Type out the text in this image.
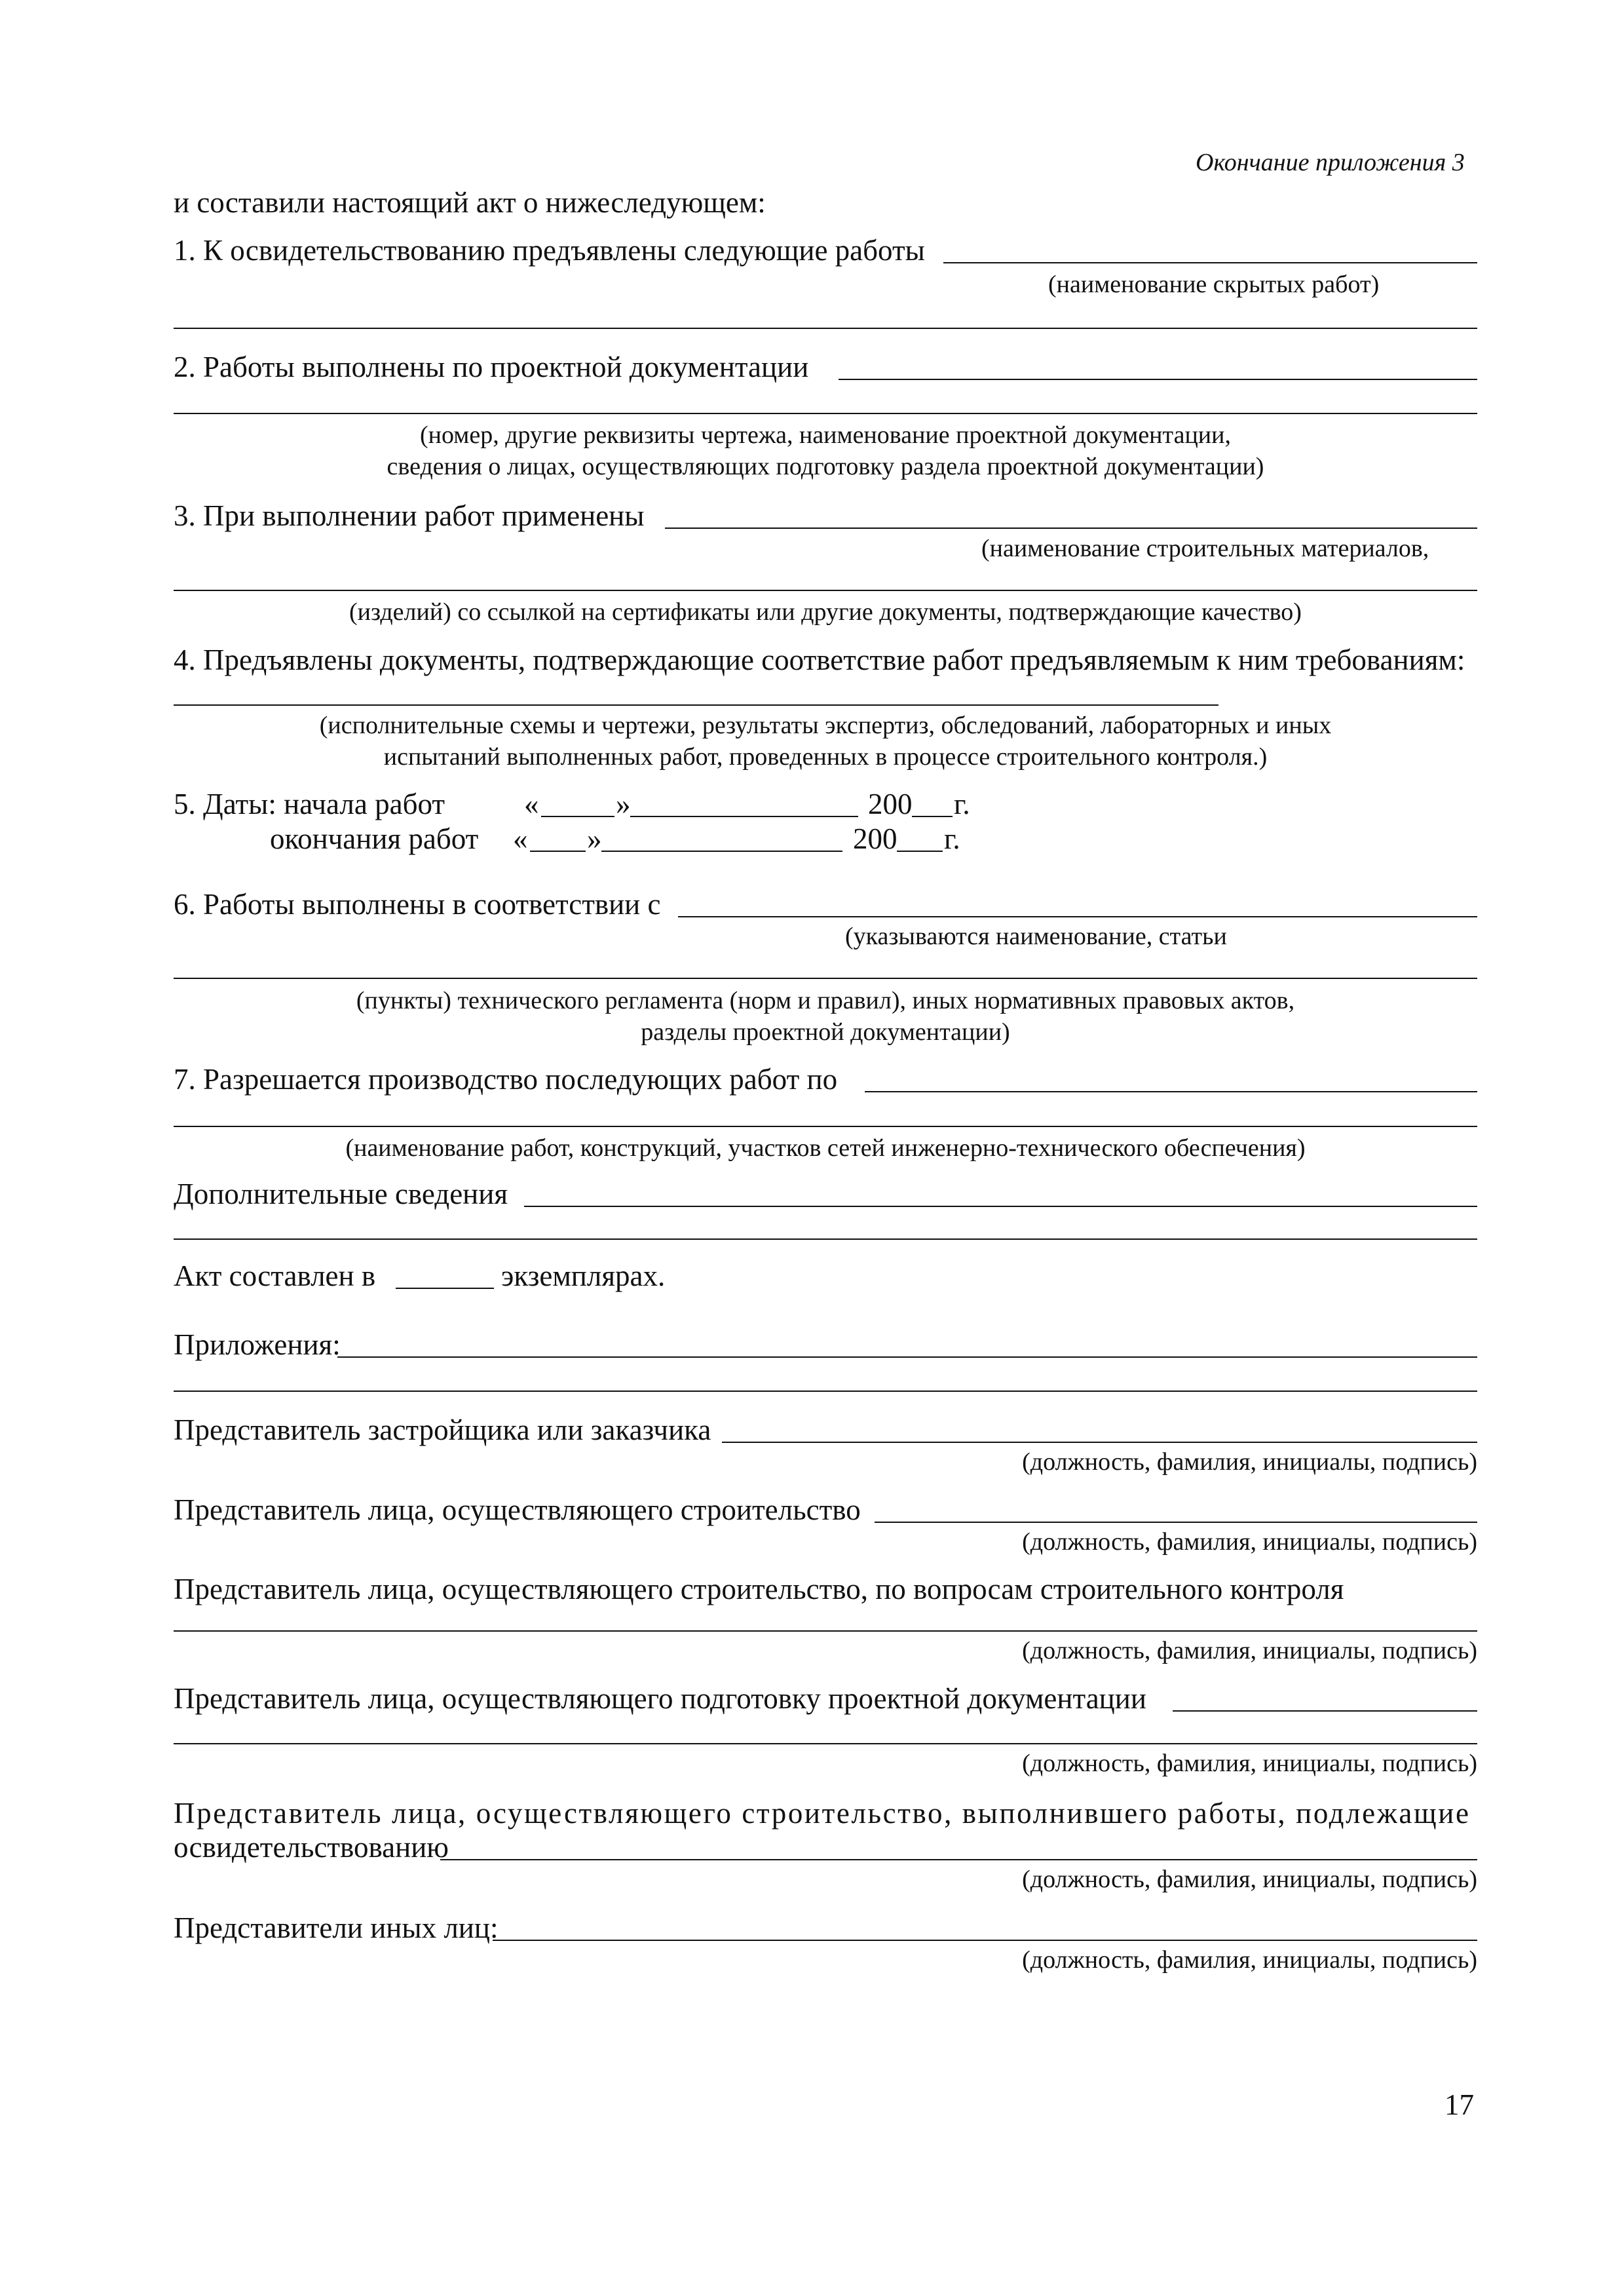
Окончание приложения 3
и составили настоящий акт о нижеследующем:
1. К освидетельствованию предъявлены следующие работы
(наименование скрытых работ)
2. Работы выполнены по проектной документации
(номер, другие реквизиты чертежа, наименование проектной документации,
сведения о лицах, осуществляющих подготовку раздела проектной документации)
3. При выполнении работ применены
(наименование строительных материалов,
(изделий) со ссылкой на сертификаты или другие документы, подтверждающие качество)
4. Предъявлены документы, подтверждающие соответствие работ предъявляемым к ним требованиям:
(исполнительные схемы и чертежи, результаты экспертиз, обследований, лабораторных и иных
испытаний выполненных работ, проведенных в процессе строительного контроля.)
5. Даты: начала работ	«	»	200 г.
окончания работ « »	200 г.
6. Работы выполнены в соответствии с
(указываются наименование, статьи
(пункты) технического регламента (норм и правил), иных нормативных правовых актов,
разделы проектной документации)
7. Разрешается производство последующих работ по
(наименование работ, конструкций, участков сетей инженерно-технического обеспечения)
Дополнительные сведения
Акт составлен в	экземплярах.
Приложения:
Представитель застройщика или заказчика
(должность, фамилия, инициалы, подпись)
Представитель лица, осуществляющего строительство
(должность, фамилия, инициалы, подпись)
Представитель лица, осуществляющего строительство, по вопросам строительного контроля
(должность, фамилия, инициалы, подпись)
Представитель лица, осуществляющего подготовку проектной документации
(должность, фамилия, инициалы, подпись)
Представитель лица, осуществляющего строительство, выполнившего работы, подлежащие
освидетельствованию
(должность, фамилия, инициалы, подпись)
Представители иных лиц:
(должность, фамилия, инициалы, подпись)
17
